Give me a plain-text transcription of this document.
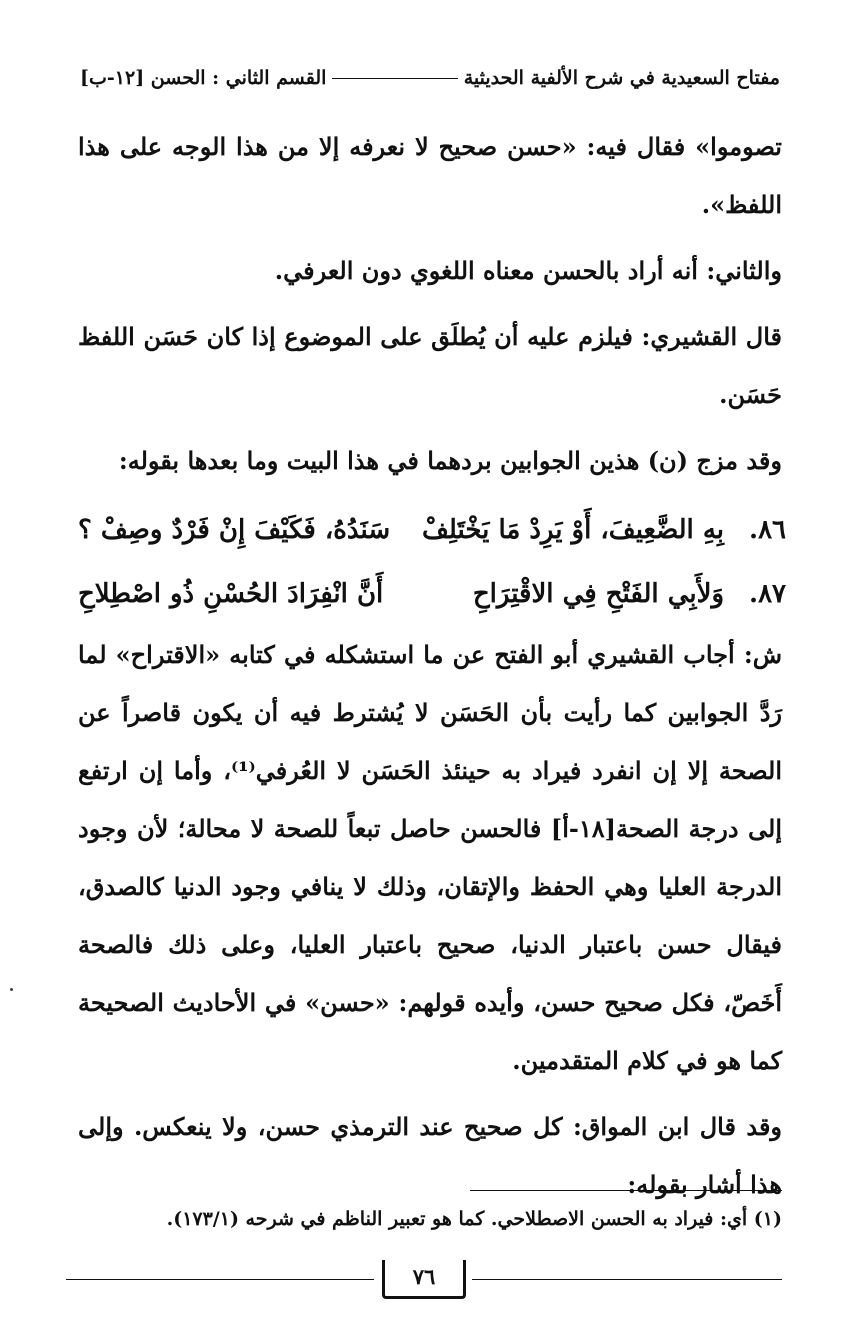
مفتاح السعيدية في شرح الألفية الحديثية
القسم الثاني : الحسن [١٢-ب]

تصوموا» فقال فيه: «حسن صحيح لا نعرفه إلا من هذا الوجه على هذا اللفظ».

والثاني: أنه أراد بالحسن معناه اللغوي دون العرفي.

قال القشيري: فيلزم عليه أن يُطلَق على الموضوع إذا كان حَسَن اللفظ حَسَن.

وقد مزج (ن) هذين الجوابين بردهما في هذا البيت وما بعدها بقوله:

٨٦.
بِهِ الضَّعِيفَ، أَوْ يَرِدْ مَا يَخْتَلِفْ
سَنَدُهُ، فَكَيْفَ إِنْ فَرْدٌ وصِفْ ؟
٨٧.
وَلأَبِي الفَتْحِ فِي الاقْتِرَاحِ
أَنَّ انْفِرَادَ الحُسْنِ ذُو اصْطِلاحِ

ش: أجاب القشيري أبو الفتح عن ما استشكله في كتابه «الاقتراح» لما رَدَّ الجوابين كما رأيت بأن الحَسَن لا يُشترط فيه أن يكون قاصراً عن الصحة إلا إن انفرد فيراد به حينئذ الحَسَن لا العُرفي⁽¹⁾، وأما إن ارتفع إلى درجة الصحة[١٨-أ] فالحسن حاصل تبعاً للصحة لا محالة؛ لأن وجود الدرجة العليا وهي الحفظ والإتقان، وذلك لا ينافي وجود الدنيا كالصدق، فيقال حسن باعتبار الدنيا، صحيح باعتبار العليا، وعلى ذلك فالصحة أَخَصّ، فكل صحيح حسن، وأيده قولهم: «حسن» في الأحاديث الصحيحة كما هو في كلام المتقدمين.

وقد قال ابن المواق: كل صحيح عند الترمذي حسن، ولا ينعكس. وإلى هذا أشار بقوله:

(١) أي: فيراد به الحسن الاصطلاحي. كما هو تعبير الناظم في شرحه (١٧٣/١).
٧٦
